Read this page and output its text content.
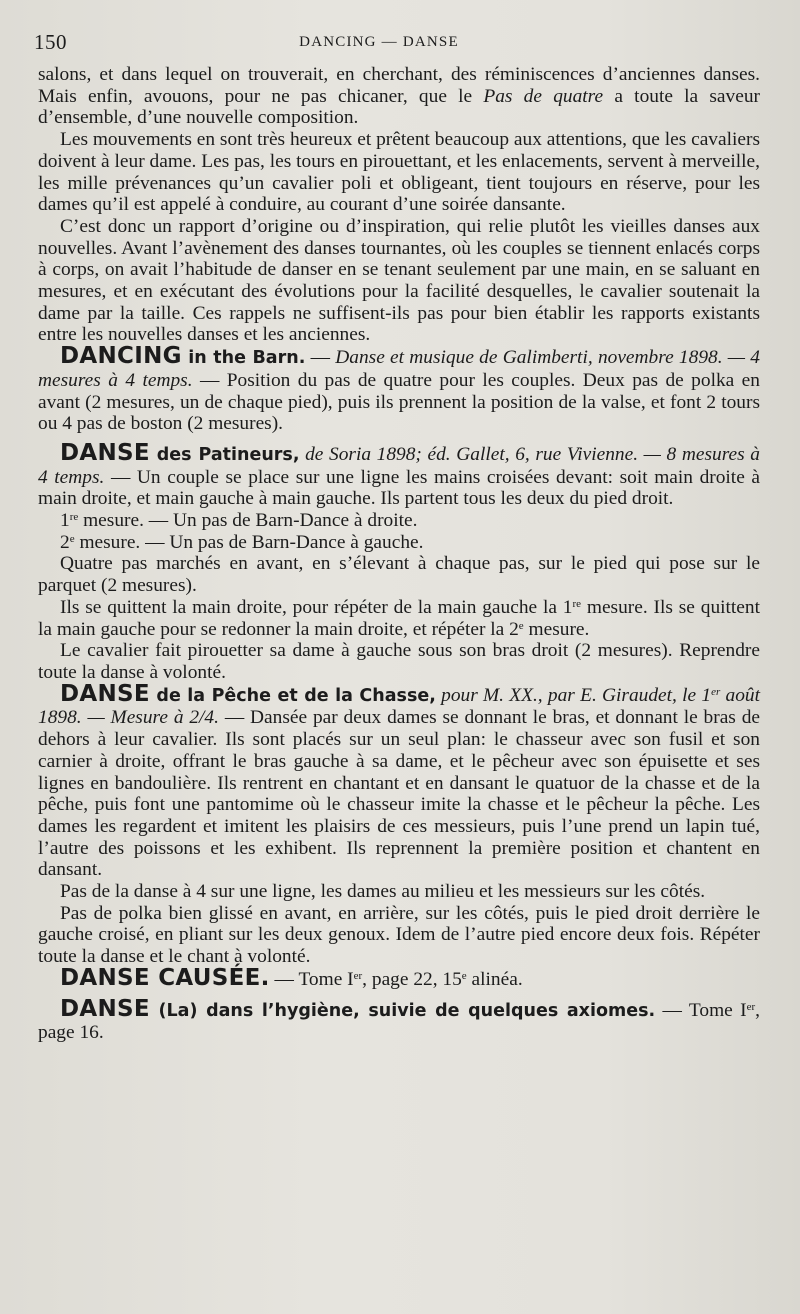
150	DANCING — DANSE

salons, et dans lequel on trouverait, en cherchant, des réminiscences d’anciennes danses. Mais enfin, avouons, pour ne pas chicaner, que le Pas de quatre a toute la saveur d’ensemble, d’une nouvelle composition.

Les mouvements en sont très heureux et prêtent beaucoup aux attentions, que les cavaliers doivent à leur dame. Les pas, les tours en pirouettant, et les enlacements, servent à merveille, les mille prévenances qu’un cavalier poli et obligeant, tient toujours en réserve, pour les dames qu’il est appelé à conduire, au courant d’une soirée dansante.

C’est donc un rapport d’origine ou d’inspiration, qui relie plutôt les vieilles danses aux nouvelles. Avant l’avènement des danses tournantes, où les couples se tiennent enlacés corps à corps, on avait l’habitude de danser en se tenant seulement par une main, en se saluant en mesures, et en exécutant des évolutions pour la facilité desquelles, le cavalier soutenait la dame par la taille. Ces rappels ne suffisent-ils pas pour bien établir les rapports existants entre les nouvelles danses et les anciennes.

DANCING in the Barn. — Danse et musique de Galimberti, novembre 1898. — 4 mesures à 4 temps. — Position du pas de quatre pour les couples. Deux pas de polka en avant (2 mesures, un de chaque pied), puis ils prennent la position de la valse, et font 2 tours ou 4 pas de boston (2 mesures).

DANSE des Patineurs, de Soria 1898; éd. Gallet, 6, rue Vivienne. — 8 mesures à 4 temps. — Un couple se place sur une ligne les mains croisées devant: soit main droite à main droite, et main gauche à main gauche. Ils partent tous les deux du pied droit.

1re mesure. — Un pas de Barn-Dance à droite.

2e mesure. — Un pas de Barn-Dance à gauche.

Quatre pas marchés en avant, en s’élevant à chaque pas, sur le pied qui pose sur le parquet (2 mesures).

Ils se quittent la main droite, pour répéter de la main gauche la 1re mesure. Ils se quittent la main gauche pour se redonner la main droite, et répéter la 2e mesure.

Le cavalier fait pirouetter sa dame à gauche sous son bras droit (2 mesures). Reprendre toute la danse à volonté.

DANSE de la Pêche et de la Chasse, pour M. XX., par E. Giraudet, le 1er août 1898. — Mesure à 2/4. — Dansée par deux dames se donnant le bras, et donnant le bras de dehors à leur cavalier. Ils sont placés sur un seul plan: le chasseur avec son fusil et son carnier à droite, offrant le bras gauche à sa dame, et le pêcheur avec son épuisette et ses lignes en bandoulière. Ils rentrent en chantant et en dansant le quatuor de la chasse et de la pêche, puis font une pantomime où le chasseur imite la chasse et le pêcheur la pêche. Les dames les regardent et imitent les plaisirs de ces messieurs, puis l’une prend un lapin tué, l’autre des poissons et les exhibent. Ils reprennent la première position et chantent en dansant.

Pas de la danse à 4 sur une ligne, les dames au milieu et les messieurs sur les côtés.

Pas de polka bien glissé en avant, en arrière, sur les côtés, puis le pied droit derrière le gauche croisé, en pliant sur les deux genoux. Idem de l’autre pied encore deux fois. Répéter toute la danse et le chant à volonté.

DANSE CAUSÉE. — Tome Ier, page 22, 15e alinéa.

DANSE (La) dans l’hygiène, suivie de quelques axiomes. — Tome Ier, page 16.
